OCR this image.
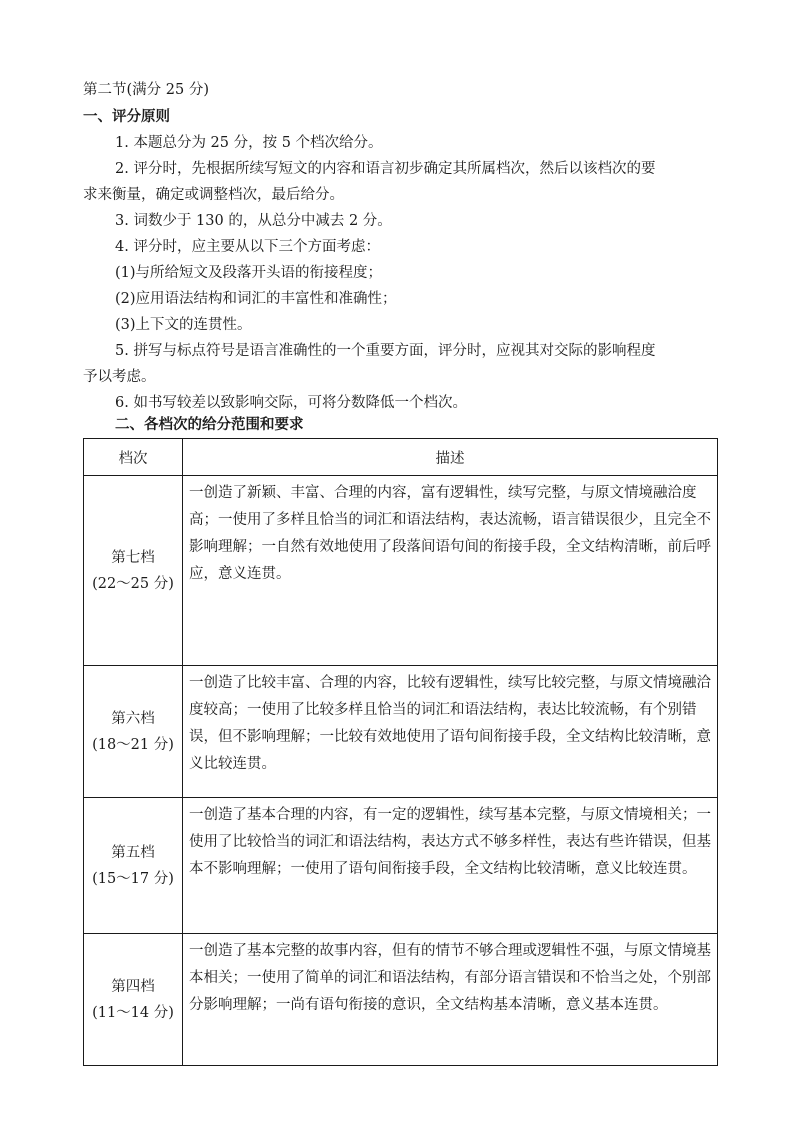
第二节(满分 25 分)
一、评分原则
1. 本题总分为 25 分，按 5 个档次给分。
2. 评分时，先根据所续写短文的内容和语言初步确定其所属档次，然后以该档次的要
求来衡量，确定或调整档次，最后给分。
3. 词数少于 130 的，从总分中减去 2 分。
4. 评分时，应主要从以下三个方面考虑：
(1)与所给短文及段落开头语的衔接程度；
(2)应用语法结构和词汇的丰富性和准确性；
(3)上下文的连贯性。
5. 拼写与标点符号是语言准确性的一个重要方面，评分时，应视其对交际的影响程度
予以考虑。
6. 如书写较差以致影响交际，可将分数降低一个档次。
二、各档次的给分范围和要求
档次	描述

第七档
(22～25 分)	一创造了新颖、丰富、合理的内容，富有逻辑性，续写完整，与原文情境融洽度高；一使用了多样且恰当的词汇和语法结构，表达流畅，语言错误很少，且完全不影响理解；一自然有效地使用了段落间语句间的衔接手段，全文结构清晰，前后呼应，意义连贯。

第六档
(18～21 分)	一创造了比较丰富、合理的内容，比较有逻辑性，续写比较完整，与原文情境融洽度较高；一使用了比较多样且恰当的词汇和语法结构，表达比较流畅，有个别错误，但不影响理解；一比较有效地使用了语句间衔接手段，全文结构比较清晰，意义比较连贯。

第五档
(15～17 分)	一创造了基本合理的内容，有一定的逻辑性，续写基本完整，与原文情境相关；一使用了比较恰当的词汇和语法结构，表达方式不够多样性，表达有些许错误，但基本不影响理解；一使用了语句间衔接手段，全文结构比较清晰，意义比较连贯。

第四档
(11～14 分)	一创造了基本完整的故事内容，但有的情节不够合理或逻辑性不强，与原文情境基本相关；一使用了简单的词汇和语法结构，有部分语言错误和不恰当之处，个别部分影响理解；一尚有语句衔接的意识，全文结构基本清晰，意义基本连贯。
